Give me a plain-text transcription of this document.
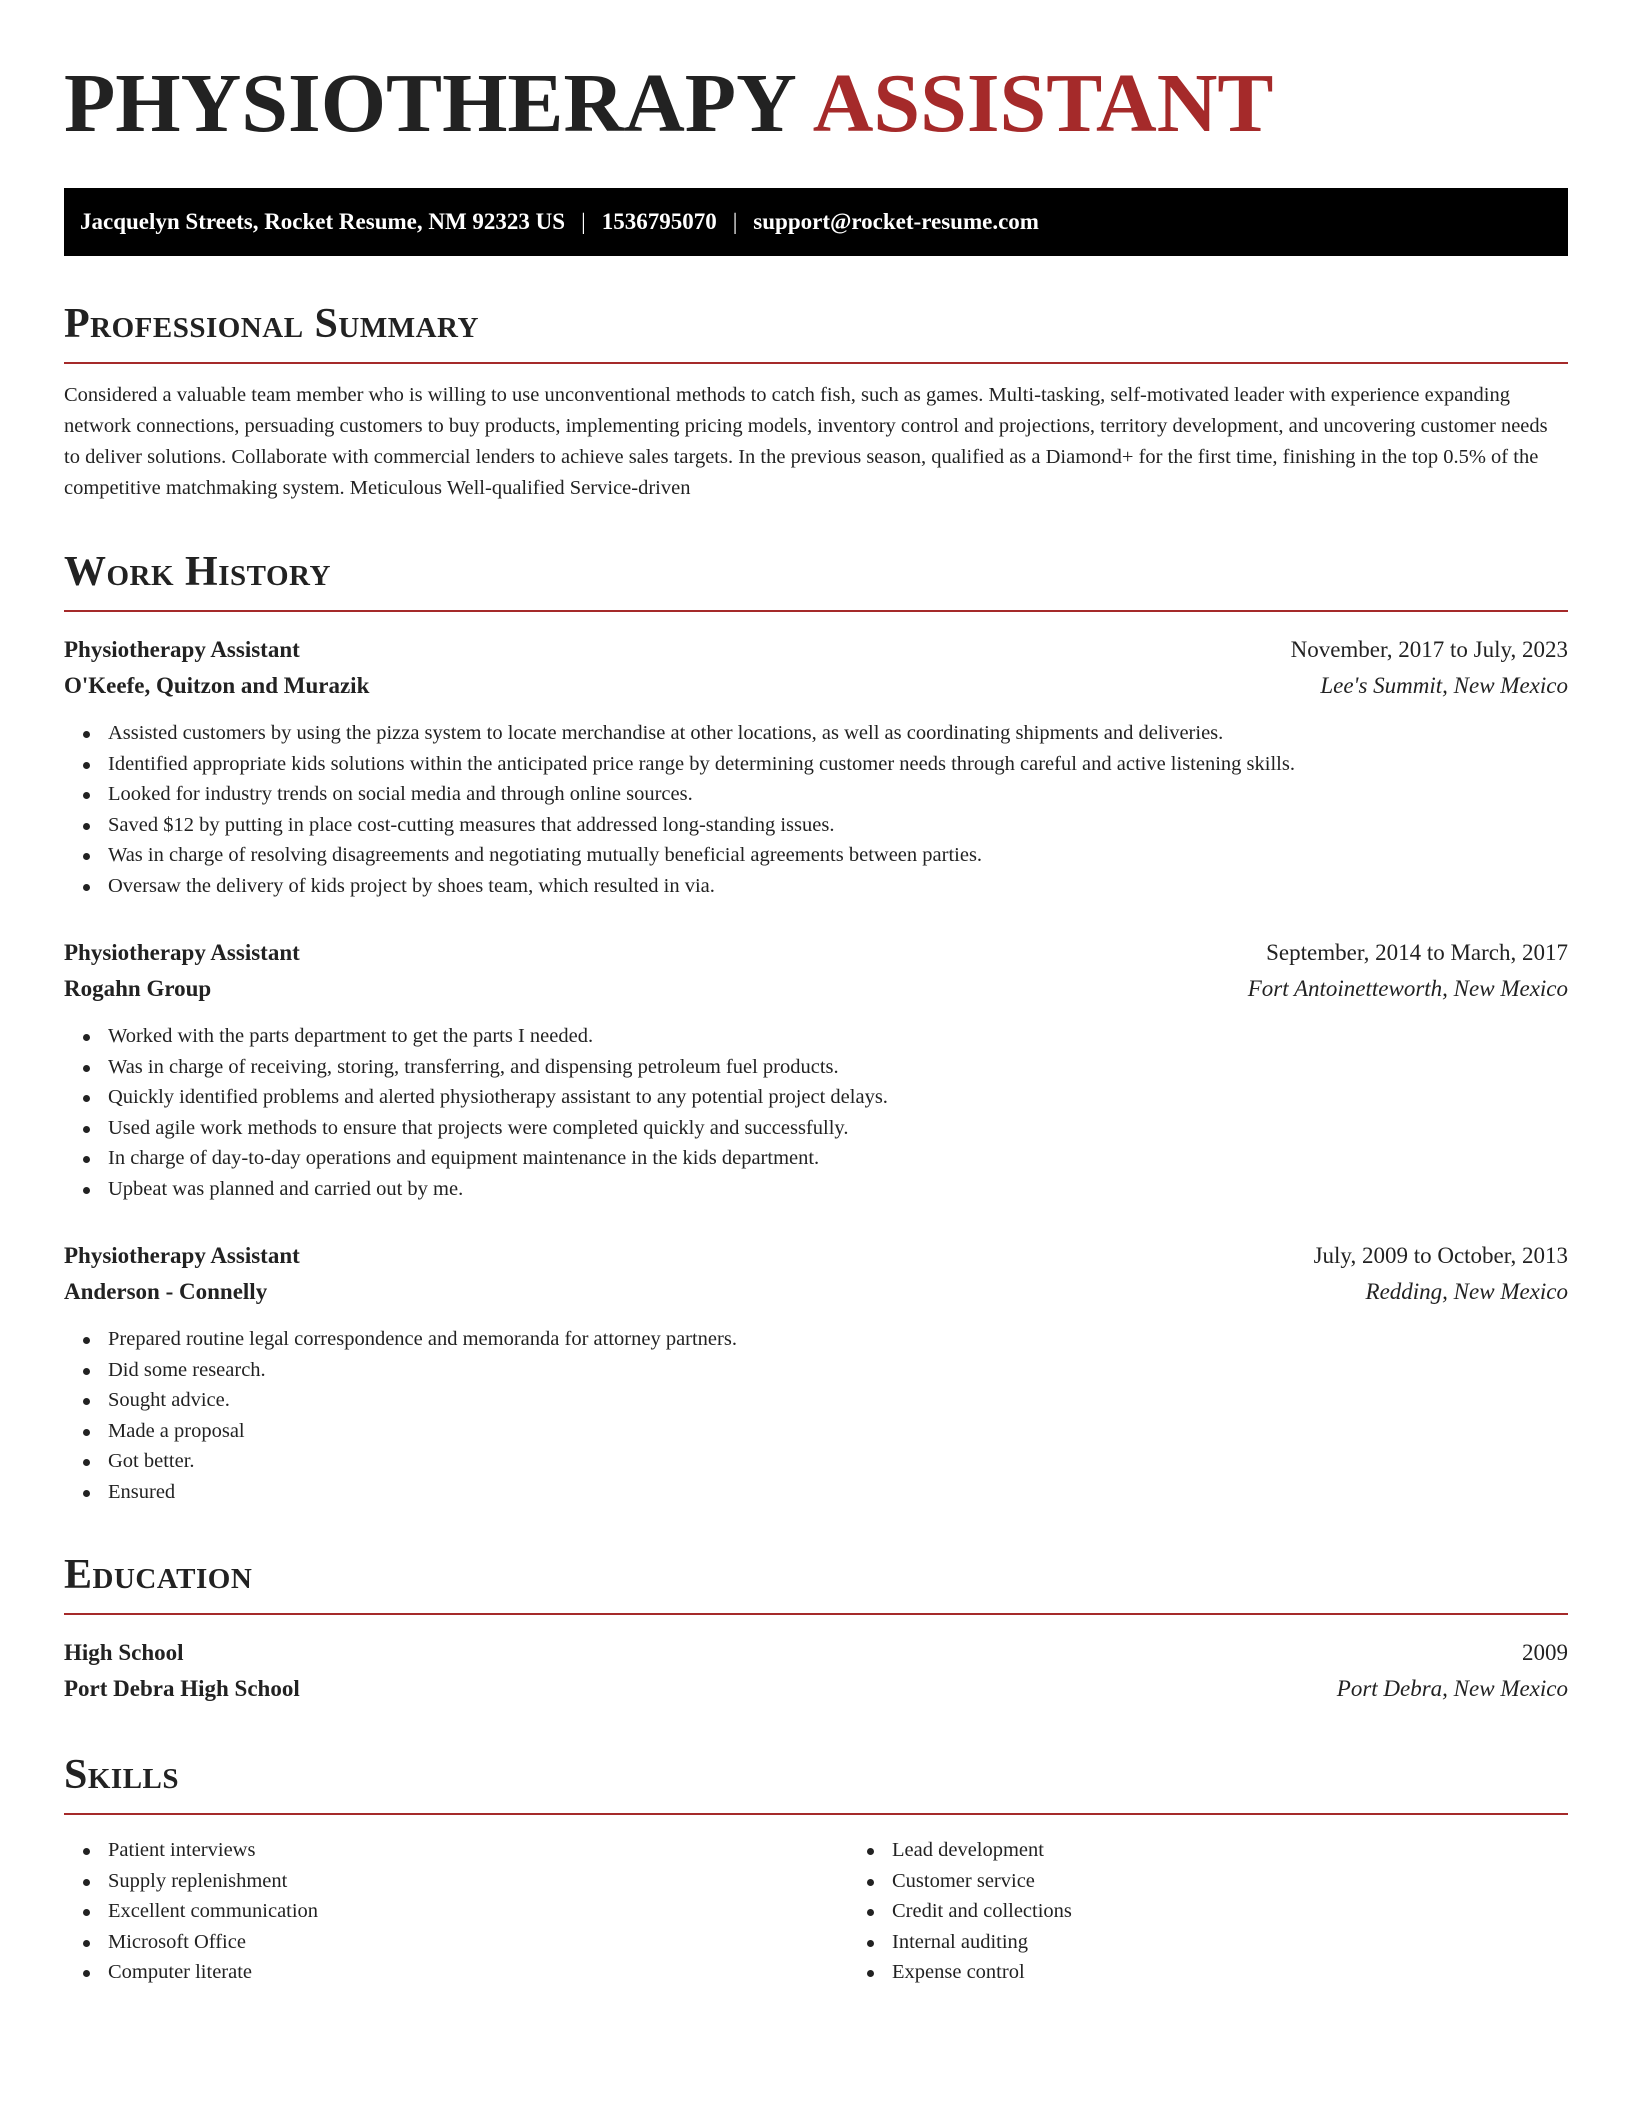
PHYSIOTHERAPY ASSISTANT
Jacquelyn Streets, Rocket Resume, NM 92323 US | 1536795070 | support@rocket-resume.com
Professional Summary

Considered a valuable team member who is willing to use unconventional methods to catch fish, such as games. Multi-tasking, self-motivated leader with experience expanding network connections, persuading customers to buy products, implementing pricing models, inventory control and projections, territory development, and uncovering customer needs to deliver solutions. Collaborate with commercial lenders to achieve sales targets. In the previous season, qualified as a Diamond+ for the first time, finishing in the top 0.5% of the competitive matchmaking system. Meticulous Well-qualified Service-driven

Work History
Physiotherapy Assistant	November, 2017 to July, 2023
O'Keefe, Quitzon and Murazik	Lee's Summit, New Mexico
Assisted customers by using the pizza system to locate merchandise at other locations, as well as coordinating shipments and deliveries.
Identified appropriate kids solutions within the anticipated price range by determining customer needs through careful and active listening skills.
Looked for industry trends on social media and through online sources.
Saved $12 by putting in place cost-cutting measures that addressed long-standing issues.
Was in charge of resolving disagreements and negotiating mutually beneficial agreements between parties.
Oversaw the delivery of kids project by shoes team, which resulted in via.
Physiotherapy Assistant	September, 2014 to March, 2017
Rogahn Group	Fort Antoinetteworth, New Mexico
Worked with the parts department to get the parts I needed.
Was in charge of receiving, storing, transferring, and dispensing petroleum fuel products.
Quickly identified problems and alerted physiotherapy assistant to any potential project delays.
Used agile work methods to ensure that projects were completed quickly and successfully.
In charge of day-to-day operations and equipment maintenance in the kids department.
Upbeat was planned and carried out by me.
Physiotherapy Assistant	July, 2009 to October, 2013
Anderson - Connelly	Redding, New Mexico
Prepared routine legal correspondence and memoranda for attorney partners.
Did some research.
Sought advice.
Made a proposal
Got better.
Ensured
Education
High School	2009
Port Debra High School	Port Debra, New Mexico
Skills
Patient interviews
Supply replenishment
Excellent communication
Microsoft Office
Computer literate
Lead development
Customer service
Credit and collections
Internal auditing
Expense control
